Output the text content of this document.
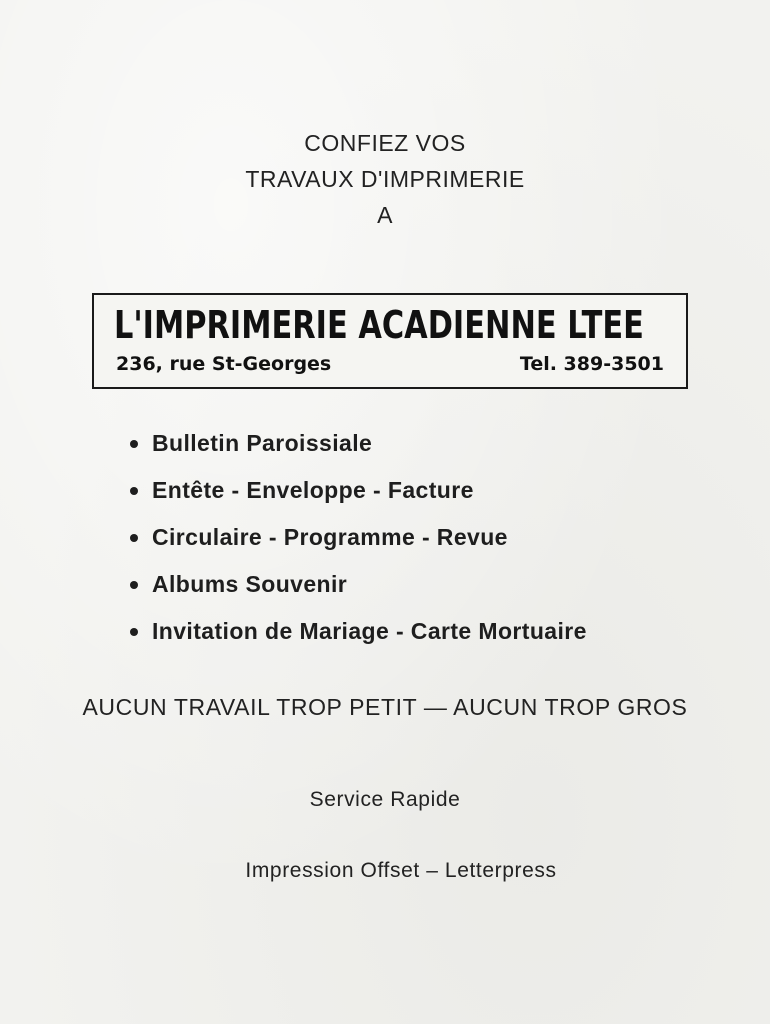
CONFIEZ VOS
TRAVAUX D'IMPRIMERIE
A
L'IMPRIMERIE ACADIENNE LTEE
236, rue St-Georges	Tel. 389-3501
Bulletin Paroissiale
Entête - Enveloppe - Facture
Circulaire - Programme - Revue
Albums Souvenir
Invitation de Mariage - Carte Mortuaire
AUCUN TRAVAIL TROP PETIT — AUCUN TROP GROS
Service Rapide
Impression Offset – Letterpress
